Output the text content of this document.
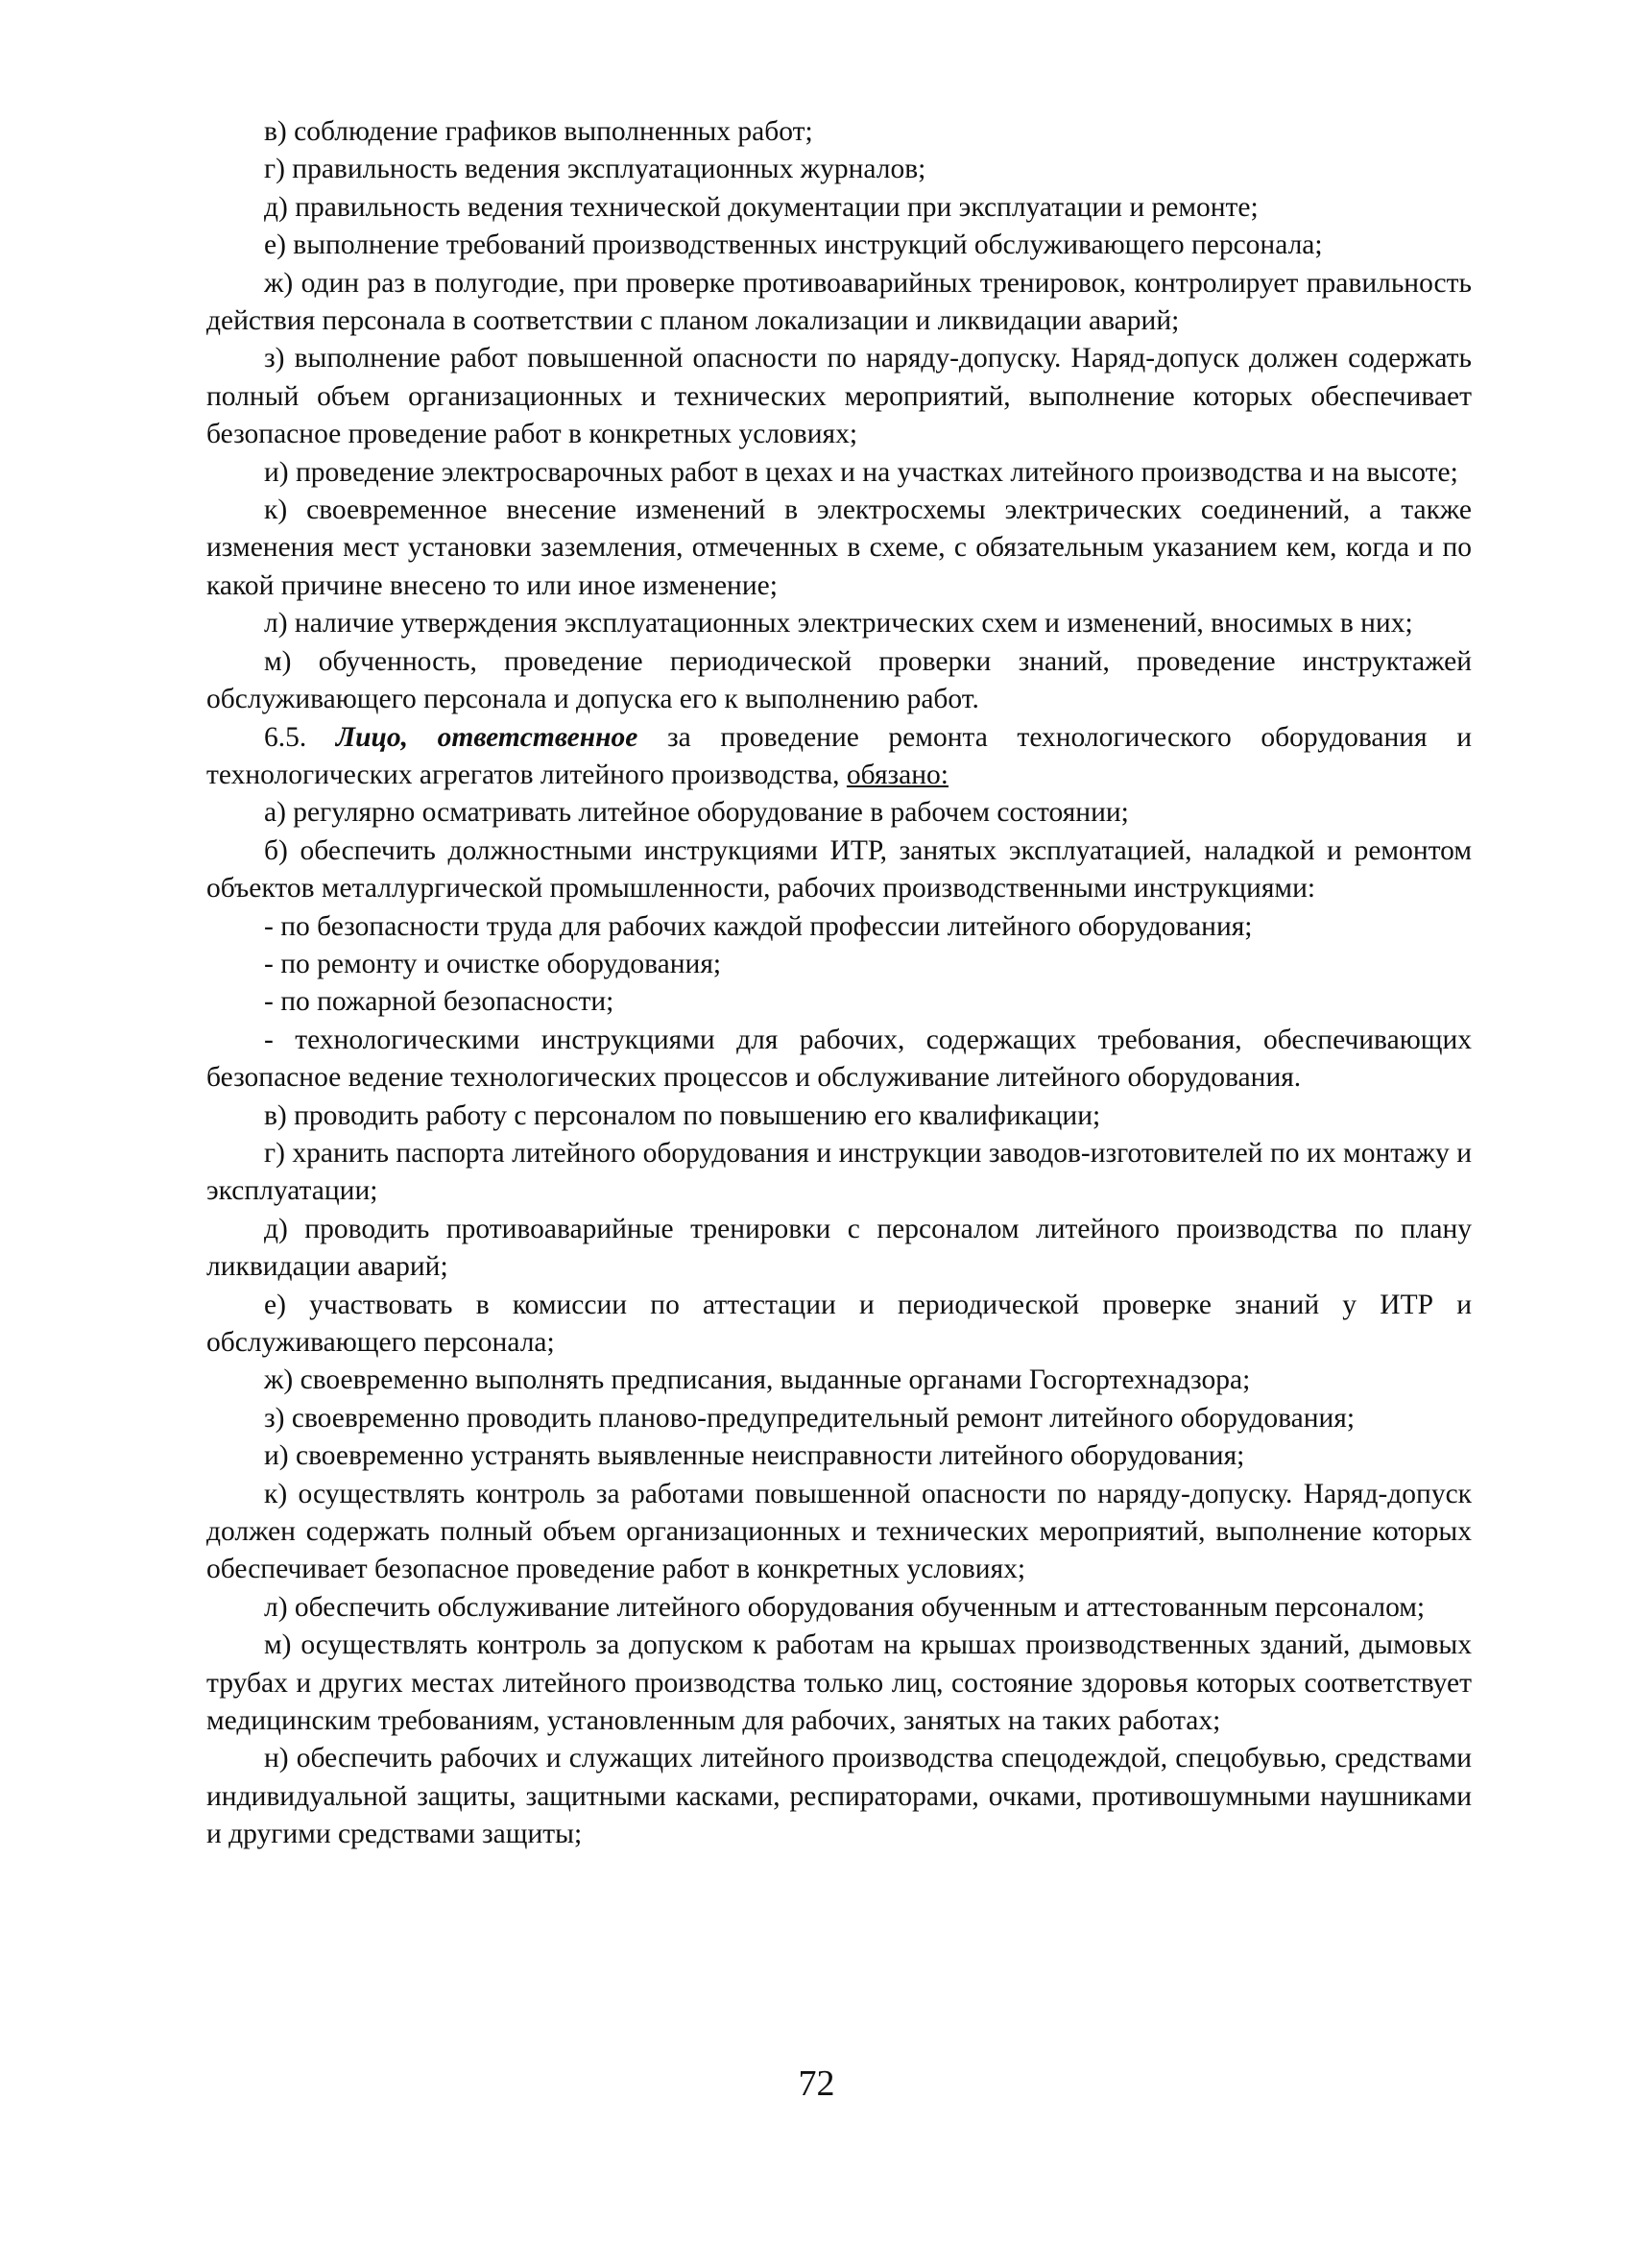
в) соблюдение графиков выполненных работ;

г) правильность ведения эксплуатационных журналов;

д) правильность ведения технической документации при эксплуатации и ремонте;

е) выполнение требований производственных инструкций обслуживающего персонала;

ж) один раз в полугодие, при проверке противоаварийных тренировок, контролирует правильность действия персонала в соответствии с планом локализации и ликвидации аварий;

з) выполнение работ повышенной опасности по наряду-допуску. Наряд-допуск должен содержать полный объем организационных и технических мероприятий, выполнение которых обеспечивает безопасное проведение работ в конкретных условиях;

и) проведение электросварочных работ в цехах и на участках литейного производства и на высоте;

к) своевременное внесение изменений в электросхемы электрических соединений, а также изменения мест установки заземления, отмеченных в схеме, с обязательным указанием кем, когда и по какой причине внесено то или иное изменение;

л) наличие утверждения эксплуатационных электрических схем и изменений, вносимых в них;

м) обученность, проведение периодической проверки знаний, проведение инструктажей обслуживающего персонала и допуска его к выполнению работ.

6.5. Лицо, ответственное за проведение ремонта технологического оборудования и технологических агрегатов литейного производства, обязано:

а) регулярно осматривать литейное оборудование в рабочем состоянии;

б) обеспечить должностными инструкциями ИТР, занятых эксплуатацией, наладкой и ремонтом объектов металлургической промышленности, рабочих производственными инструкциями:

- по безопасности труда для рабочих каждой профессии литейного оборудования;

- по ремонту и очистке оборудования;

- по пожарной безопасности;

- технологическими инструкциями для рабочих, содержащих требования, обеспечивающих безопасное ведение технологических процессов и обслуживание литейного оборудования.

в) проводить работу с персоналом по повышению его квалификации;

г) хранить паспорта литейного оборудования и инструкции заводов-изготовителей по их монтажу и эксплуатации;

д) проводить противоаварийные тренировки с персоналом литейного производства по плану ликвидации аварий;

е) участвовать в комиссии по аттестации и периодической проверке знаний у ИТР и обслуживающего персонала;

ж) своевременно выполнять предписания, выданные органами Госгортехнадзора;

з) своевременно проводить планово-предупредительный ремонт литейного оборудования;

и) своевременно устранять выявленные неисправности литейного оборудования;

к) осуществлять контроль за работами повышенной опасности по наряду-допуску. Наряд-допуск должен содержать полный объем организационных и технических мероприятий, выполнение которых обеспечивает безопасное проведение работ в конкретных условиях;

л) обеспечить обслуживание литейного оборудования обученным и аттестованным персоналом;

м) осуществлять контроль за допуском к работам на крышах производственных зданий, дымовых трубах и других местах литейного производства только лиц, состояние здоровья которых соответствует медицинским требованиям, установленным для рабочих, занятых на таких работах;

н) обеспечить рабочих и служащих литейного производства спецодеждой, спецобувью, средствами индивидуальной защиты, защитными касками, респираторами, очками, противошумными наушниками и другими средствами защиты;

72
